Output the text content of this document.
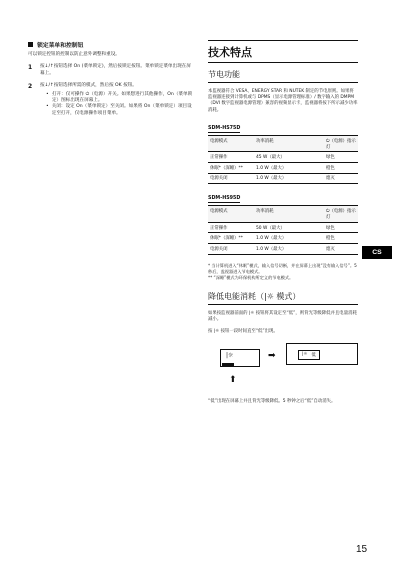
锁定菜单和控制钮
可以锁定控钮的控制以防止意外调整和重设。
1	按↓/↑按钮选择 On (菜单锁定)，然后按锁定按钮。菜单锁定菜单出现在屏幕上。
2	按↓/↑按钮选择所需的模式，然后按 OK 按钮。
• 打开：仅可操作 ⏻（电源）开关。如果想进行其他操作，On（菜单锁定）图标出现在屏幕上。
• 关闭：设定 On（菜单锁定）至关闭。如果将 On（菜单锁定）项目设定至打开，仅电源操作项目菜单。
技术特点
节电功能
本监视器符合 VESA、ENERGY STAR 和 NUTEK 制定的节电原则。如果将监视器连接到计算机或与 DPMS（显示电源管理标准）/ 数字输入的 DMPM（DVI 数字监视器电源管理）兼容的视频显示卡，监视器将按下所示减少功率消耗。
SDM-HS75D
电源模式	功率消耗	⏻（电源）指示灯
正常操作	45 W（最大）	绿色
休眠*（深睡）**	1.0 W（最大）	橙色
电源关闭	1.0 W（最大）	熄灭
SDM-HS95D
电源模式	功率消耗	⏻（电源）指示灯
正常操作	50 W（最大）	绿色
休眠*（深睡）**	1.0 W（最大）	橙色
电源关闭	1.0 W（最大）	熄灭
* 当计算机进入“休眠”模式，输入信号切断，并在屏幕上出现“没有输入信号”。5 秒后，监视器进入节电模式。
** “深睡”模式为环保机构所定义的节电模式。
降低电能消耗（|☼ 模式）
如果按监视器前面的 |☼ 按钮将其设定至“低”，则背光等级降低并且电量消耗减小。
按 |☼ 按钮一段时间直至“低”出现。
|☼
⬆
➡	|☼ 低
“低”出现在屏幕上并且背光等级降低。5 秒钟之后“低”自动消失。
CS
15
